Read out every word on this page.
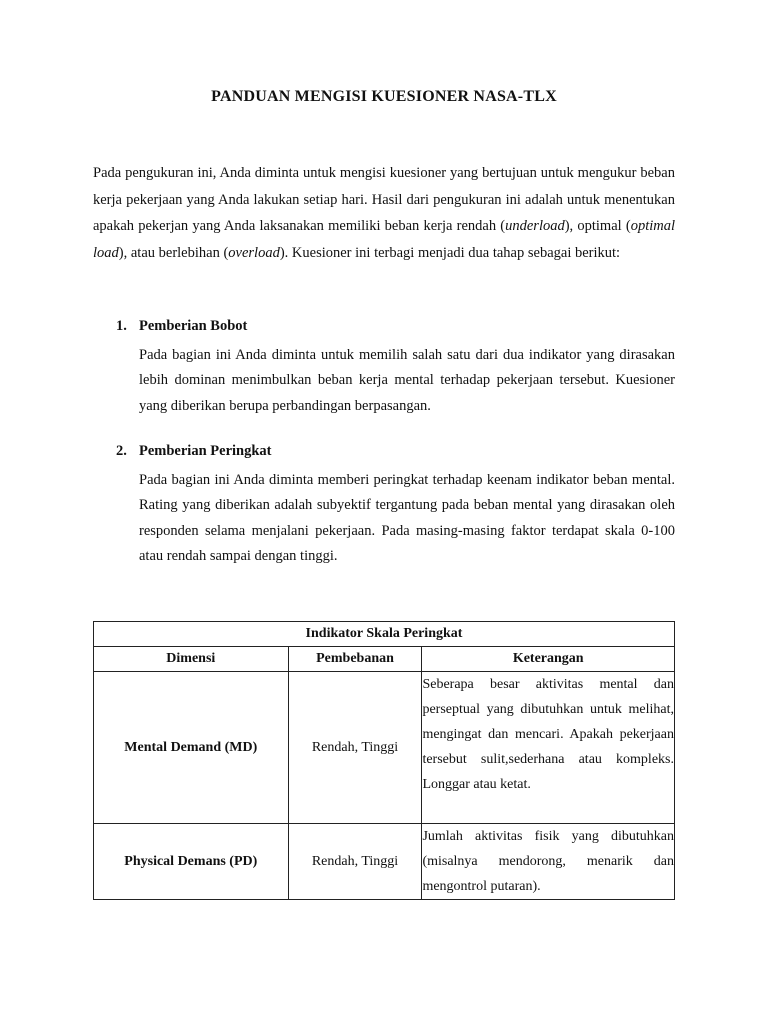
PANDUAN MENGISI KUESIONER NASA-TLX

Pada pengukuran ini, Anda diminta untuk mengisi kuesioner yang bertujuan untuk mengukur beban kerja pekerjaan yang Anda lakukan setiap hari. Hasil dari pengukuran ini adalah untuk menentukan apakah pekerjan yang Anda laksanakan memiliki beban kerja rendah (underload), optimal (optimal load), atau berlebihan (overload). Kuesioner ini terbagi menjadi dua tahap sebagai berikut:

1. Pemberian Bobot

Pada bagian ini Anda diminta untuk memilih salah satu dari dua indikator yang dirasakan lebih dominan menimbulkan beban kerja mental terhadap pekerjaan tersebut. Kuesioner yang diberikan berupa perbandingan berpasangan.

2. Pemberian Peringkat

Pada bagian ini Anda diminta memberi peringkat terhadap keenam indikator beban mental. Rating yang diberikan adalah subyektif tergantung pada beban mental yang dirasakan oleh responden selama menjalani pekerjaan. Pada masing-masing faktor terdapat skala 0-100 atau rendah sampai dengan tinggi.

Indikator Skala Peringkat		
Dimensi	Pembebanan	Keterangan
Mental Demand (MD)	Rendah, Tinggi	Seberapa besar aktivitas mental dan perseptual yang dibutuhkan untuk melihat, mengingat dan mencari. Apakah pekerjaan tersebut sulit,sederhana atau kompleks. Longgar atau ketat.
Physical Demans (PD)	Rendah, Tinggi	Jumlah aktivitas fisik yang dibutuhkan (misalnya mendorong, menarik dan mengontrol putaran).
